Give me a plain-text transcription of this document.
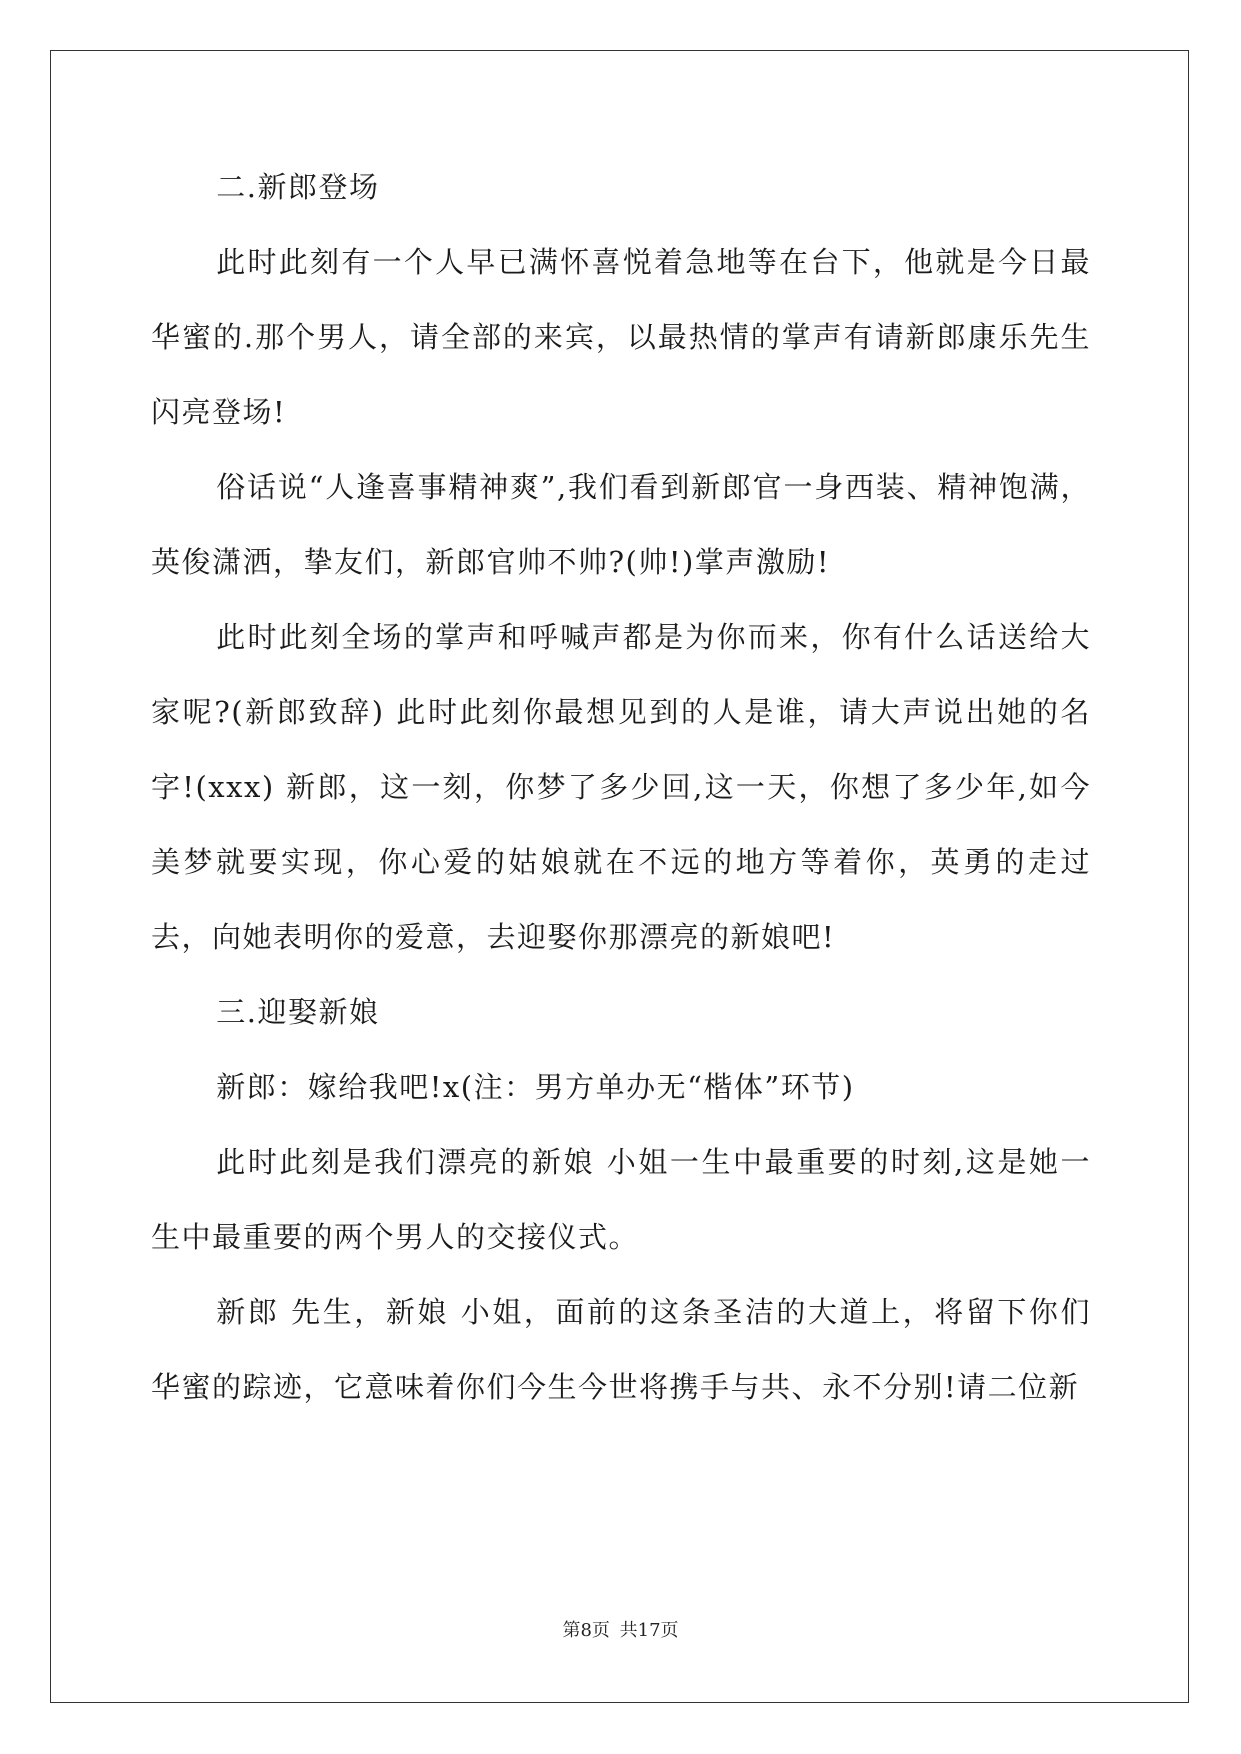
二.新郎登场

此时此刻有一个人早已满怀喜悦着急地等在台下，他就是今日最华蜜的.那个男人，请全部的来宾，以最热情的掌声有请新郎康乐先生闪亮登场!

俗话说“人逢喜事精神爽”,我们看到新郎官一身西装、精神饱满，英俊潇洒，挚友们，新郎官帅不帅?(帅!)掌声激励!

此时此刻全场的掌声和呼喊声都是为你而来，你有什么话送给大家呢?(新郎致辞) 此时此刻你最想见到的人是谁，请大声说出她的名字!(xxx) 新郎，这一刻，你梦了多少回,这一天，你想了多少年,如今美梦就要实现，你心爱的姑娘就在不远的地方等着你，英勇的走过去，向她表明你的爱意，去迎娶你那漂亮的新娘吧!

三.迎娶新娘

新郎：嫁给我吧!x(注：男方单办无“楷体”环节)

此时此刻是我们漂亮的新娘 小姐一生中最重要的时刻,这是她一生中最重要的两个男人的交接仪式。

新郎 先生，新娘 小姐，面前的这条圣洁的大道上，将留下你们华蜜的踪迹，它意味着你们今生今世将携手与共、永不分别!请二位新

第8页 共17页
